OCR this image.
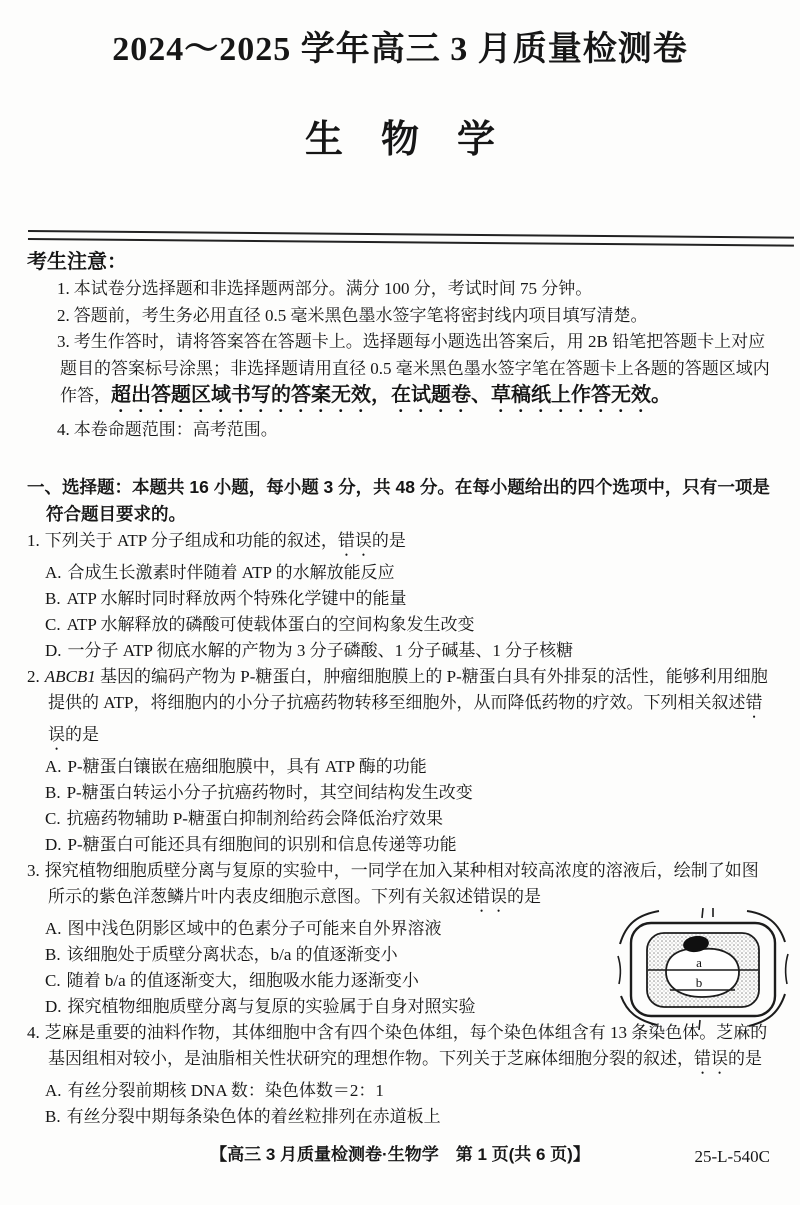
2024～2025 学年高三 3 月质量检测卷
生　物　学
考生注意：
1. 本试卷分选择题和非选择题两部分。满分 100 分，考试时间 75 分钟。
2. 答题前，考生务必用直径 0.5 毫米黑色墨水签字笔将密封线内项目填写清楚。
3. 考生作答时，请将答案答在答题卡上。选择题每小题选出答案后，用 2B 铅笔把答题卡上对应题目的答案标号涂黑；非选择题请用直径 0.5 毫米黑色墨水签字笔在答题卡上各题的答题区域内作答，超出答题区域书写的答案无效，在试题卷、草稿纸上作答无效。
4. 本卷命题范围：高考范围。
一、选择题：本题共 16 小题，每小题 3 分，共 48 分。在每小题给出的四个选项中，只有一项是符合题目要求的。

1. 下列关于 ATP 分子组成和功能的叙述，错误的是

A. 合成生长激素时伴随着 ATP 的水解放能反应
B. ATP 水解时同时释放两个特殊化学键中的能量
C. ATP 水解释放的磷酸可使载体蛋白的空间构象发生改变
D. 一分子 ATP 彻底水解的产物为 3 分子磷酸、1 分子碱基、1 分子核糖

2. ABCB1 基因的编码产物为 P-糖蛋白，肿瘤细胞膜上的 P-糖蛋白具有外排泵的活性，能够利用细胞提供的 ATP，将细胞内的小分子抗癌药物转移至细胞外，从而降低药物的疗效。下列相关叙述错误的是

A. P-糖蛋白镶嵌在癌细胞膜中，具有 ATP 酶的功能
B. P-糖蛋白转运小分子抗癌药物时，其空间结构发生改变
C. 抗癌药物辅助 P-糖蛋白抑制剂给药会降低治疗效果
D. P-糖蛋白可能还具有细胞间的识别和信息传递等功能

3. 探究植物细胞质壁分离与复原的实验中，一同学在加入某种相对较高浓度的溶液后，绘制了如图所示的紫色洋葱鳞片叶内表皮细胞示意图。下列有关叙述错误的是

A. 图中浅色阴影区域中的色素分子可能来自外界溶液
B. 该细胞处于质壁分离状态，b/a 的值逐渐变小
C. 随着 b/a 的值逐渐变大，细胞吸水能力逐渐变小
D. 探究植物细胞质壁分离与复原的实验属于自身对照实验
a
b

4. 芝麻是重要的油料作物，其体细胞中含有四个染色体组，每个染色体组含有 13 条染色体。芝麻的基因组相对较小，是油脂相关性状研究的理想作物。下列关于芝麻体细胞分裂的叙述，错误的是

A. 有丝分裂前期核 DNA 数：染色体数＝2：1
B. 有丝分裂中期每条染色体的着丝粒排列在赤道板上
【高三 3 月质量检测卷·生物学　第 1 页(共 6 页)】	25-L-540C
